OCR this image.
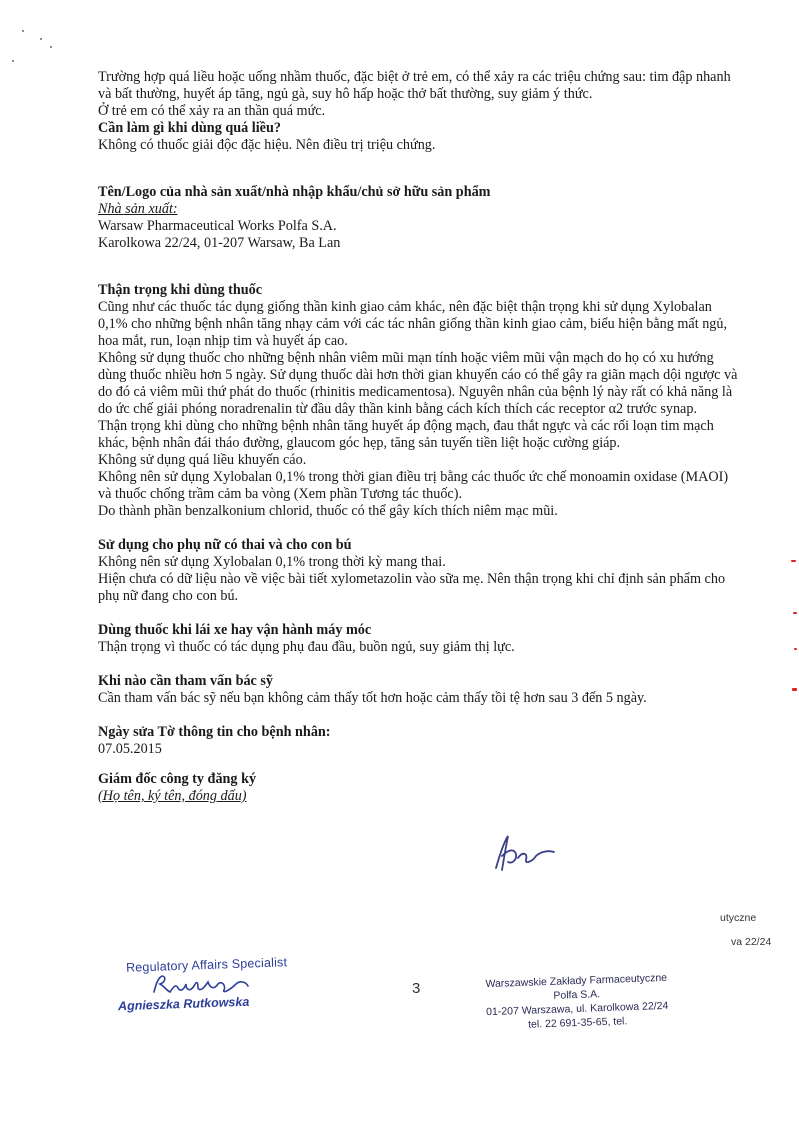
Trường hợp quá liều hoặc uống nhầm thuốc, đặc biệt ở trẻ em, có thể xảy ra các triệu chứng sau: tim đập nhanh và bất thường, huyết áp tăng, ngủ gà, suy hô hấp hoặc thở bất thường, suy giảm ý thức.

Ở trẻ em có thể xảy ra an thần quá mức.

Cần làm gì khi dùng quá liều?

Không có thuốc giải độc đặc hiệu. Nên điều trị triệu chứng.

Tên/Logo của nhà sản xuất/nhà nhập khẩu/chủ sở hữu sản phẩm

Nhà sản xuất:

Warsaw Pharmaceutical Works Polfa S.A.

Karolkowa 22/24, 01-207 Warsaw, Ba Lan

Thận trọng khi dùng thuốc

Cũng như các thuốc tác dụng giống thần kinh giao cảm khác, nên đặc biệt thận trọng khi sử dụng Xylobalan 0,1% cho những bệnh nhân tăng nhạy cảm với các tác nhân giống thần kinh giao cảm, biểu hiện bằng mất ngủ, hoa mắt, run, loạn nhịp tim và huyết áp cao.

Không sử dụng thuốc cho những bệnh nhân viêm mũi mạn tính hoặc viêm mũi vận mạch do họ có xu hướng dùng thuốc nhiều hơn 5 ngày. Sử dụng thuốc dài hơn thời gian khuyến cáo có thể gây ra giãn mạch dội ngược và do đó cả viêm mũi thứ phát do thuốc (rhinitis medicamentosa). Nguyên nhân của bệnh lý này rất có khả năng là do ức chế giải phóng noradrenalin từ đầu dây thần kinh bằng cách kích thích các receptor α2 trước synap.

Thận trọng khi dùng cho những bệnh nhân tăng huyết áp động mạch, đau thắt ngực và các rối loạn tim mạch khác, bệnh nhân đái tháo đường, glaucom góc hẹp, tăng sản tuyến tiền liệt hoặc cường giáp.

Không sử dụng quá liều khuyến cáo.

Không nên sử dụng Xylobalan 0,1% trong thời gian điều trị bằng các thuốc ức chế monoamin oxidase (MAOI) và thuốc chống trầm cảm ba vòng (Xem phần Tương tác thuốc).

Do thành phần benzalkonium chlorid, thuốc có thể gây kích thích niêm mạc mũi.

Sử dụng cho phụ nữ có thai và cho con bú

Không nên sử dụng Xylobalan 0,1% trong thời kỳ mang thai.

Hiện chưa có dữ liệu nào về việc bài tiết xylometazolin vào sữa mẹ. Nên thận trọng khi chỉ định sản phẩm cho phụ nữ đang cho con bú.

Dùng thuốc khi lái xe hay vận hành máy móc

Thận trọng vì thuốc có tác dụng phụ đau đầu, buồn ngủ, suy giảm thị lực.

Khi nào cần tham vấn bác sỹ

Cần tham vấn bác sỹ nếu bạn không cảm thấy tốt hơn hoặc cảm thấy tồi tệ hơn sau 3 đến 5 ngày.

Ngày sửa Tờ thông tin cho bệnh nhân:

07.05.2015

Giám đốc công ty đăng ký

(Họ tên, ký tên, đóng dấu)

Regulatory Affairs Specialist
Agnieszka Rutkowska
3	Warszawskie Zakłady Farmaceutyczne
Polfa S.A.
01-207 Warszawa, ul. Karolkowa 22/24
tel. 22 691-35-65, tel.
utyczne
va 22/24
